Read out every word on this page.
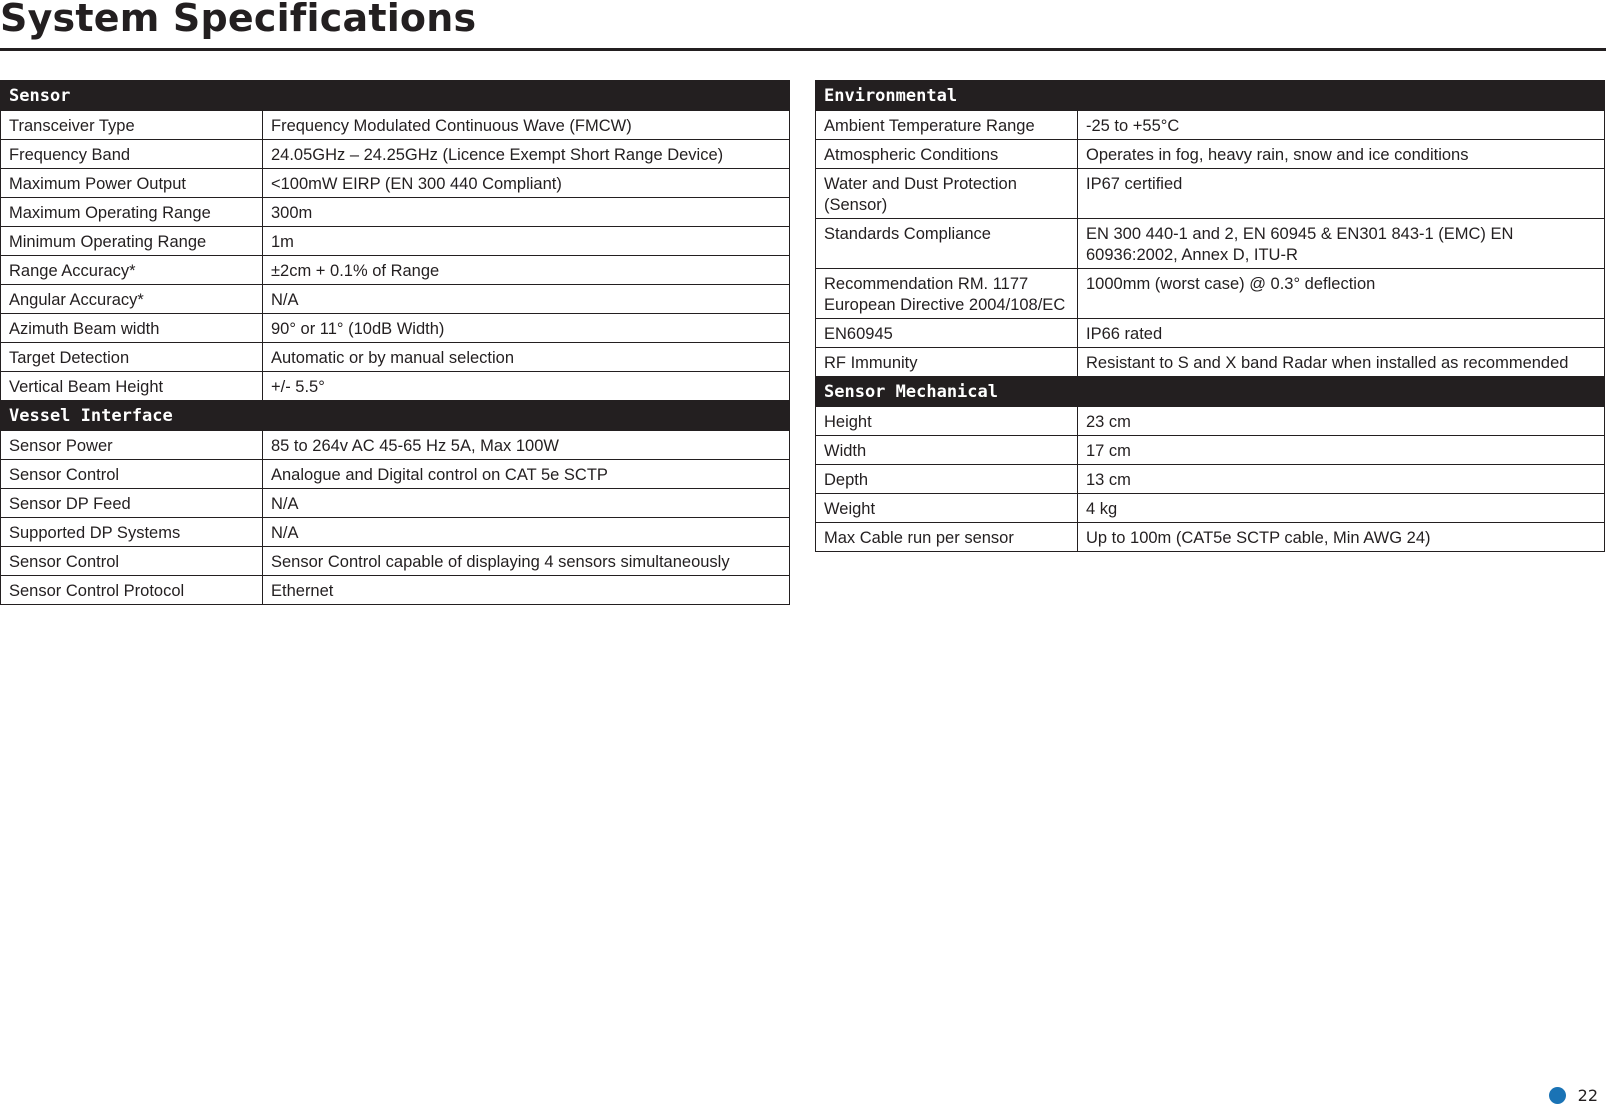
System Specifications
Sensor	
Transceiver Type	Frequency Modulated Continuous Wave (FMCW)
Frequency Band	24.05GHz – 24.25GHz (Licence Exempt Short Range Device)
Maximum Power Output	<100mW EIRP (EN 300 440 Compliant)
Maximum Operating Range	300m
Minimum Operating Range	1m
Range Accuracy*	±2cm + 0.1% of Range
Angular Accuracy*	N/A
Azimuth Beam width	90° or 11° (10dB Width)
Target Detection	Automatic or by manual selection
Vertical Beam Height	+/- 5.5°
Vessel Interface	
Sensor Power	85 to 264v AC 45-65 Hz 5A, Max 100W
Sensor Control	Analogue and Digital control on CAT 5e SCTP
Sensor DP Feed	N/A
Supported DP Systems	N/A
Sensor Control	Sensor Control capable of displaying 4 sensors simultaneously
Sensor Control Protocol	Ethernet
Environmental	
Ambient Temperature Range	-25 to +55°C
Atmospheric Conditions	Operates in fog, heavy rain, snow and ice conditions
Water and Dust Protection (Sensor)	IP67 certified
Standards Compliance	EN 300 440-1 and 2, EN 60945 & EN301 843-1 (EMC) EN 60936:2002, Annex D, ITU-R
Recommendation RM. 1177 European Directive 2004/108/EC	1000mm (worst case) @ 0.3° deflection
EN60945	IP66 rated
RF Immunity	Resistant to S and X band Radar when installed as recommended
Sensor Mechanical	
Height	23 cm
Width	17 cm
Depth	13 cm
Weight	4 kg
Max Cable run per sensor	Up to 100m (CAT5e SCTP cable, Min AWG 24)
22
